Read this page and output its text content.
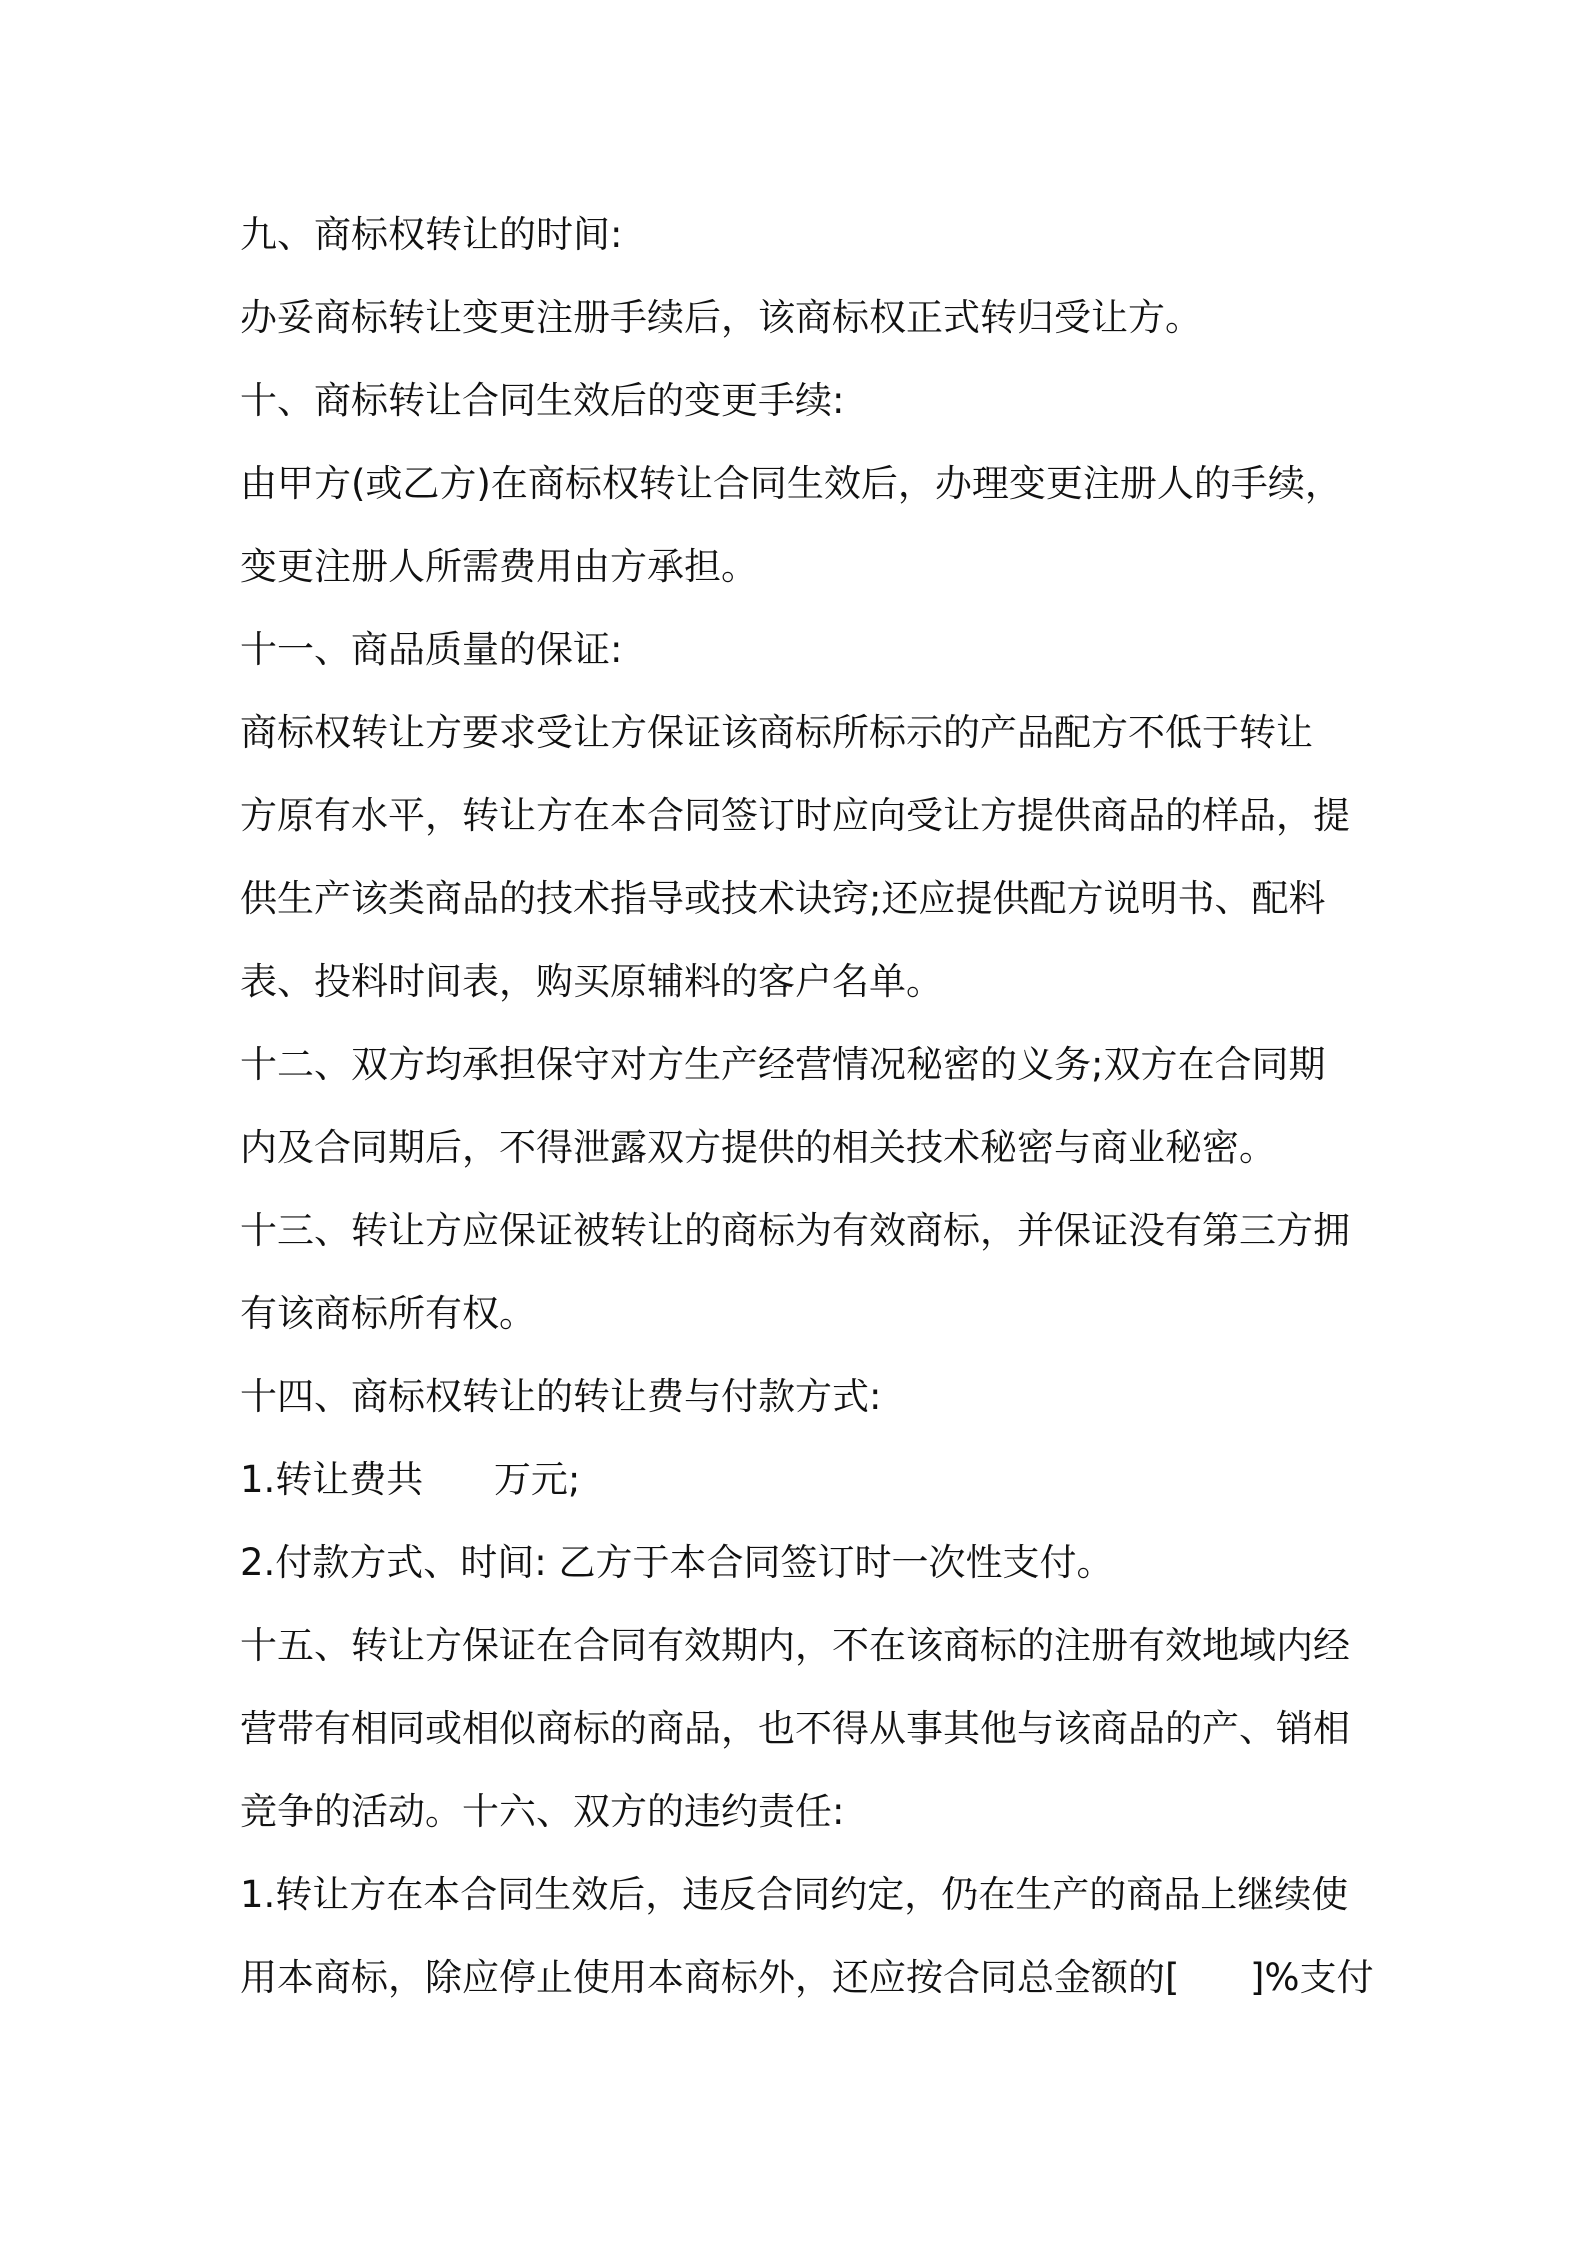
九、商标权转让的时间:
办妥商标转让变更注册手续后，该商标权正式转归受让方。
十、商标转让合同生效后的变更手续:
由甲方(或乙方)在商标权转让合同生效后，办理变更注册人的手续，
变更注册人所需费用由方承担。
十一、商品质量的保证:
商标权转让方要求受让方保证该商标所标示的产品配方不低于转让
方原有水平，转让方在本合同签订时应向受让方提供商品的样品，提
供生产该类商品的技术指导或技术诀窍;还应提供配方说明书、配料
表、投料时间表，购买原辅料的客户名单。
十二、双方均承担保守对方生产经营情况秘密的义务;双方在合同期
内及合同期后，不得泄露双方提供的相关技术秘密与商业秘密。
十三、转让方应保证被转让的商标为有效商标，并保证没有第三方拥
有该商标所有权。
十四、商标权转让的转让费与付款方式:
1.转让费共      万元;
2.付款方式、时间: 乙方于本合同签订时一次性支付。
十五、转让方保证在合同有效期内，不在该商标的注册有效地域内经
营带有相同或相似商标的商品，也不得从事其他与该商品的产、销相
竞争的活动。十六、双方的违约责任:
1.转让方在本合同生效后，违反合同约定，仍在生产的商品上继续使
用本商标，除应停止使用本商标外，还应按合同总金额的[      ]%支付
